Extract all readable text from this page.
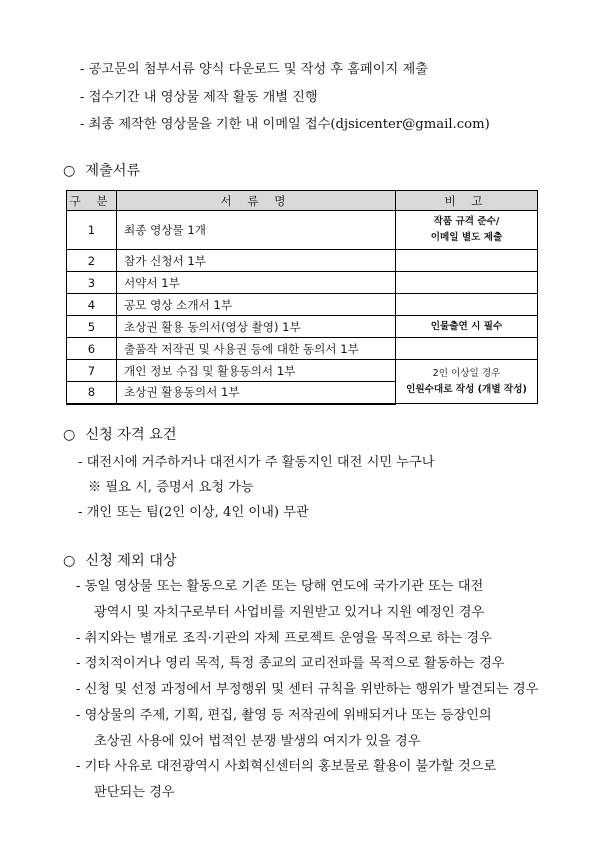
- 공고문의 첨부서류 양식 다운로드 및 작성 후 홈페이지 제출
- 접수기간 내 영상물 제작 활동 개별 진행
- 최종 제작한 영상물을 기한 내 이메일 접수(djsicenter@gmail.com)
○ 제출서류
구 분	서 류 명	비 고
1	최종 영상물 1개	작품 규격 준수/
이메일 별도 제출
2	참가 신청서 1부	
3	서약서 1부	
4	공모 영상 소개서 1부	
5	초상권 활용 동의서(영상 촬영) 1부	인물출연 시 필수
6	출품작 저작권 및 사용권 등에 대한 동의서 1부	
7	개인 정보 수집 및 활용동의서 1부	2인 이상일 경우
인원수대로 작성 (개별 작성)
8	초상권 활용동의서 1부	
○ 신청 자격 요건
- 대전시에 거주하거나 대전시가 주 활동지인 대전 시민 누구나
※ 필요 시, 증명서 요청 가능
- 개인 또는 팀(2인 이상, 4인 이내) 무관
○ 신청 제외 대상
- 동일 영상물 또는 활동으로 기존 또는 당해 연도에 국가기관 또는 대전
광역시 및 자치구로부터 사업비를 지원받고 있거나 지원 예정인 경우
- 취지와는 별개로 조직·기관의 자체 프로젝트 운영을 목적으로 하는 경우
- 정치적이거나 영리 목적, 특정 종교의 교리전파를 목적으로 활동하는 경우
- 신청 및 선정 과정에서 부정행위 및 센터 규칙을 위반하는 행위가 발견되는 경우
- 영상물의 주제, 기획, 편집, 촬영 등 저작권에 위배되거나 또는 등장인의
초상권 사용에 있어 법적인 분쟁 발생의 여지가 있을 경우
- 기타 사유로 대전광역시 사회혁신센터의 홍보물로 활용이 불가할 것으로
판단되는 경우
